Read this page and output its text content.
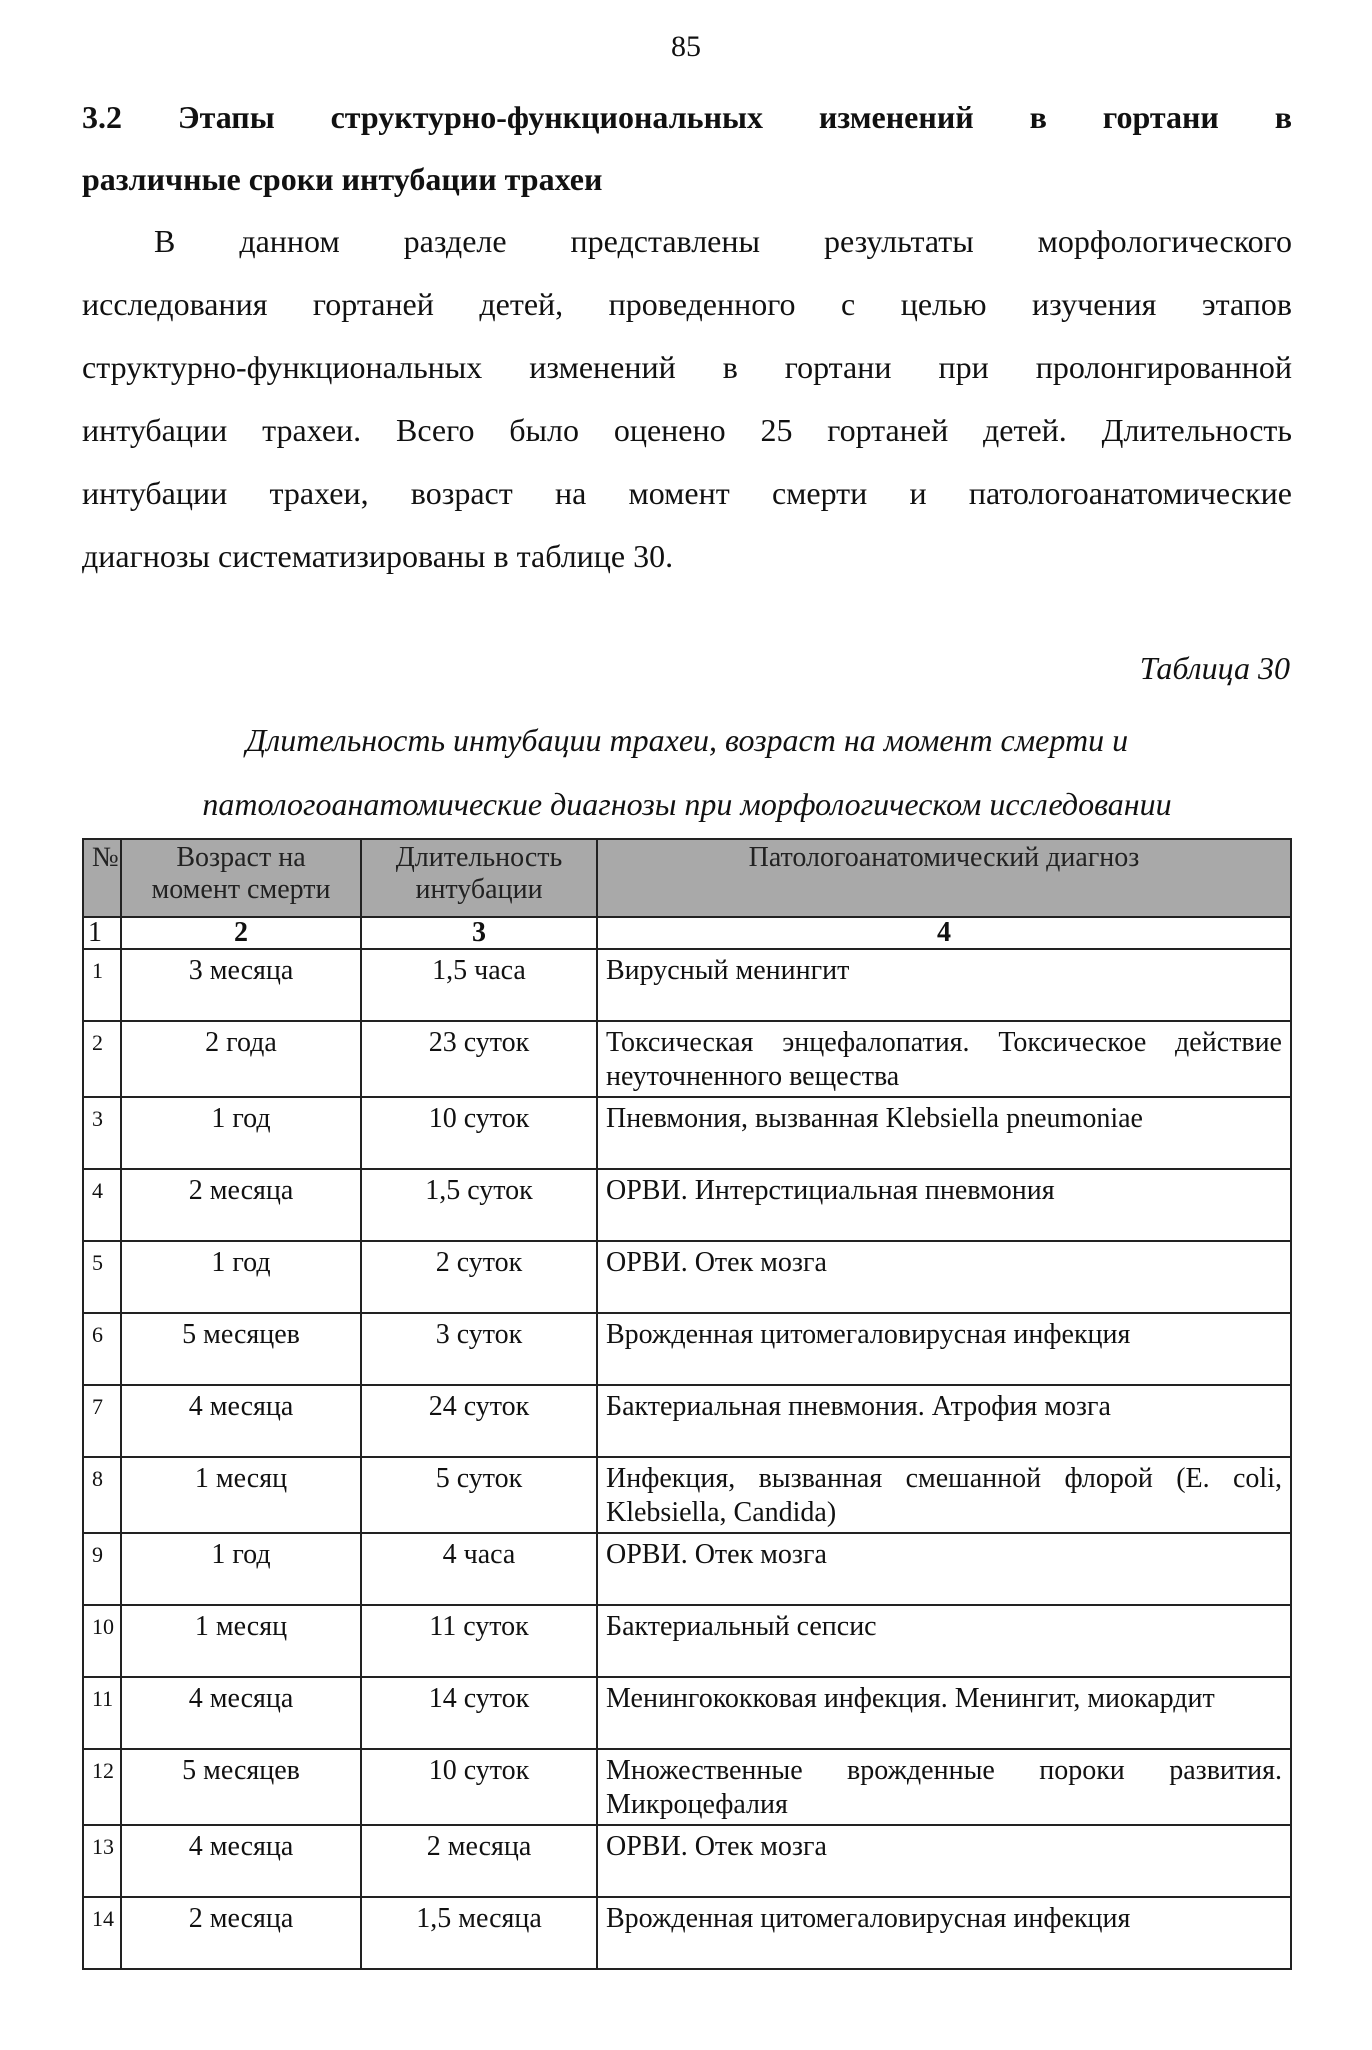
85
3.2 Этапы структурно-функциональных изменений в гортани в
различные сроки интубации трахеи
В данном разделе представлены результаты морфологического
исследования гортаней детей, проведенного с целью изучения этапов
структурно-функциональных изменений в гортани при пролонгированной
интубации трахеи. Всего было оценено 25 гортаней детей. Длительность
интубации трахеи, возраст на момент смерти и патологоанатомические
диагнозы систематизированы в таблице 30.
Таблица 30
Длительность интубации трахеи, возраст на момент смерти и
патологоанатомические диагнозы при морфологическом исследовании
№	Возраст на момент смерти	Длительность интубации	Патологоанатомический диагноз
1	2	3	4
1	3 месяца	1,5 часа	Вирусный менингит
2	2 года	23 суток	Токсическая энцефалопатия. Токсическое действие неуточненного вещества
3	1 год	10 суток	Пневмония, вызванная Klebsiella pneumoniae
4	2 месяца	1,5 суток	ОРВИ. Интерстициальная пневмония
5	1 год	2 суток	ОРВИ. Отек мозга
6	5 месяцев	3 суток	Врожденная цитомегаловирусная инфекция
7	4 месяца	24 суток	Бактериальная пневмония. Атрофия мозга
8	1 месяц	5 суток	Инфекция, вызванная смешанной флорой (E. coli, Klebsiella, Candida)
9	1 год	4 часа	ОРВИ. Отек мозга
10	1 месяц	11 суток	Бактериальный сепсис
11	4 месяца	14 суток	Менингококковая инфекция. Менингит, миокардит
12	5 месяцев	10 суток	Множественные врожденные пороки развития. Микроцефалия
13	4 месяца	2 месяца	ОРВИ. Отек мозга
14	2 месяца	1,5 месяца	Врожденная цитомегаловирусная инфекция
